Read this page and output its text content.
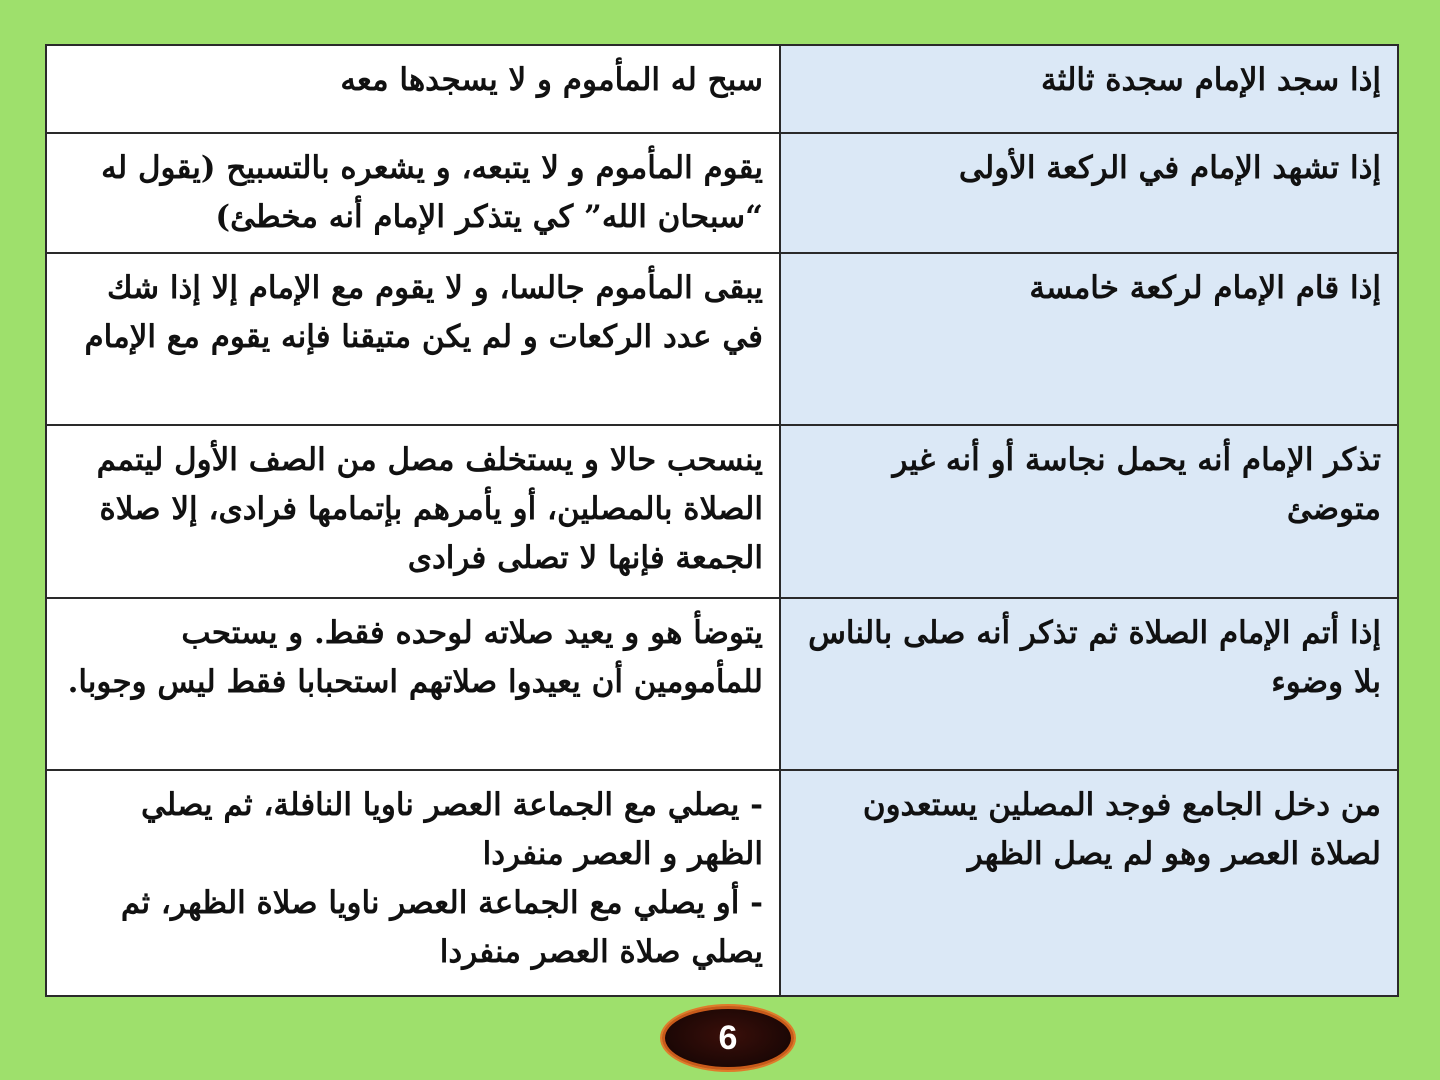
إذا سجد الإمام سجدة ثالثة	سبح له المأموم و لا يسجدها معه

إذا تشهد الإمام في الركعة الأولى	يقوم المأموم و لا يتبعه، و يشعره بالتسبيح (يقول له “سبحان الله” كي يتذكر الإمام أنه مخطئ)

إذا قام الإمام لركعة خامسة	يبقى المأموم جالسا، و لا يقوم مع الإمام إلا إذا شك في عدد الركعات و لم يكن متيقنا فإنه يقوم مع الإمام

تذكر الإمام أنه يحمل نجاسة أو أنه غير متوضئ	ينسحب حالا و يستخلف مصل من الصف الأول ليتمم الصلاة بالمصلين، أو يأمرهم بإتمامها فرادى، إلا صلاة الجمعة فإنها لا تصلى فرادى

إذا أتم الإمام الصلاة ثم تذكر أنه صلى بالناس بلا وضوء	يتوضأ هو و يعيد صلاته لوحده فقط. و يستحب للمأمومين أن يعيدوا صلاتهم استحبابا فقط ليس وجوبا.

من دخل الجامع فوجد المصلين يستعدون لصلاة العصر وهو لم يصل الظهر	- يصلي مع الجماعة العصر ناويا النافلة، ثم يصلي الظهر و العصر منفردا
- أو يصلي مع الجماعة العصر ناويا صلاة الظهر، ثم يصلي صلاة العصر منفردا
6
